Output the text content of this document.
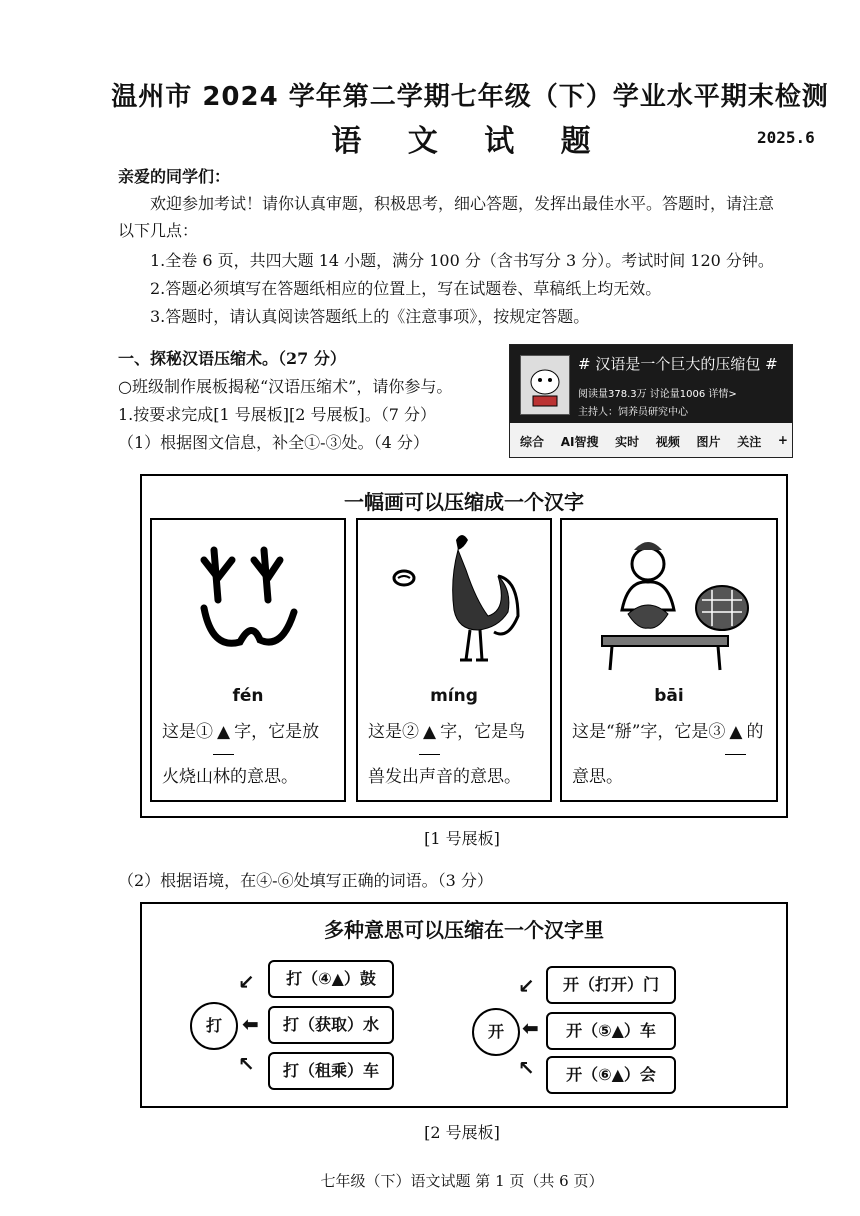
温州市 2024 学年第二学期七年级（下）学业水平期末检测
语 文 试 题	2025.6
亲爱的同学们：
欢迎参加考试！请你认真审题，积极思考，细心答题，发挥出最佳水平。答题时，请注意
以下几点：
1.全卷 6 页，共四大题 14 小题，满分 100 分（含书写分 3 分）。考试时间 120 分钟。
2.答题必须填写在答题纸相应的位置上，写在试题卷、草稿纸上均无效。
3.答题时，请认真阅读答题纸上的《注意事项》，按规定答题。
一、探秘汉语压缩术。（27 分）
○班级制作展板揭秘“汉语压缩术”，请你参与。
1.按要求完成[1 号展板][2 号展板]。（7 分）
（1）根据图文信息，补全①-③处。（4 分）
# 汉语是一个巨大的压缩包 #
阅读量378.3万 讨论量1006 详情>
主持人：饲养员研究中心
综合 AI智搜 实时 视频 图片 关注 +
一幅画可以压缩成一个汉字
fén
这是① ▲ 字，它是放
火烧山林的意思。
míng
这是② ▲ 字，它是鸟
兽发出声音的意思。
bāi
这是“掰”字，它是③ ▲ 的
意思。
[1 号展板]
（2）根据语境，在④-⑥处填写正确的词语。（3 分）
多种意思可以压缩在一个汉字里
打
↙
⬅
↖
打（④▲）鼓
打（获取）水
打（租乘）车
开
↙
⬅
↖
开（打开）门
开（⑤▲）车
开（⑥▲）会
[2 号展板]
七年级（下）语文试题 第 1 页（共 6 页）
